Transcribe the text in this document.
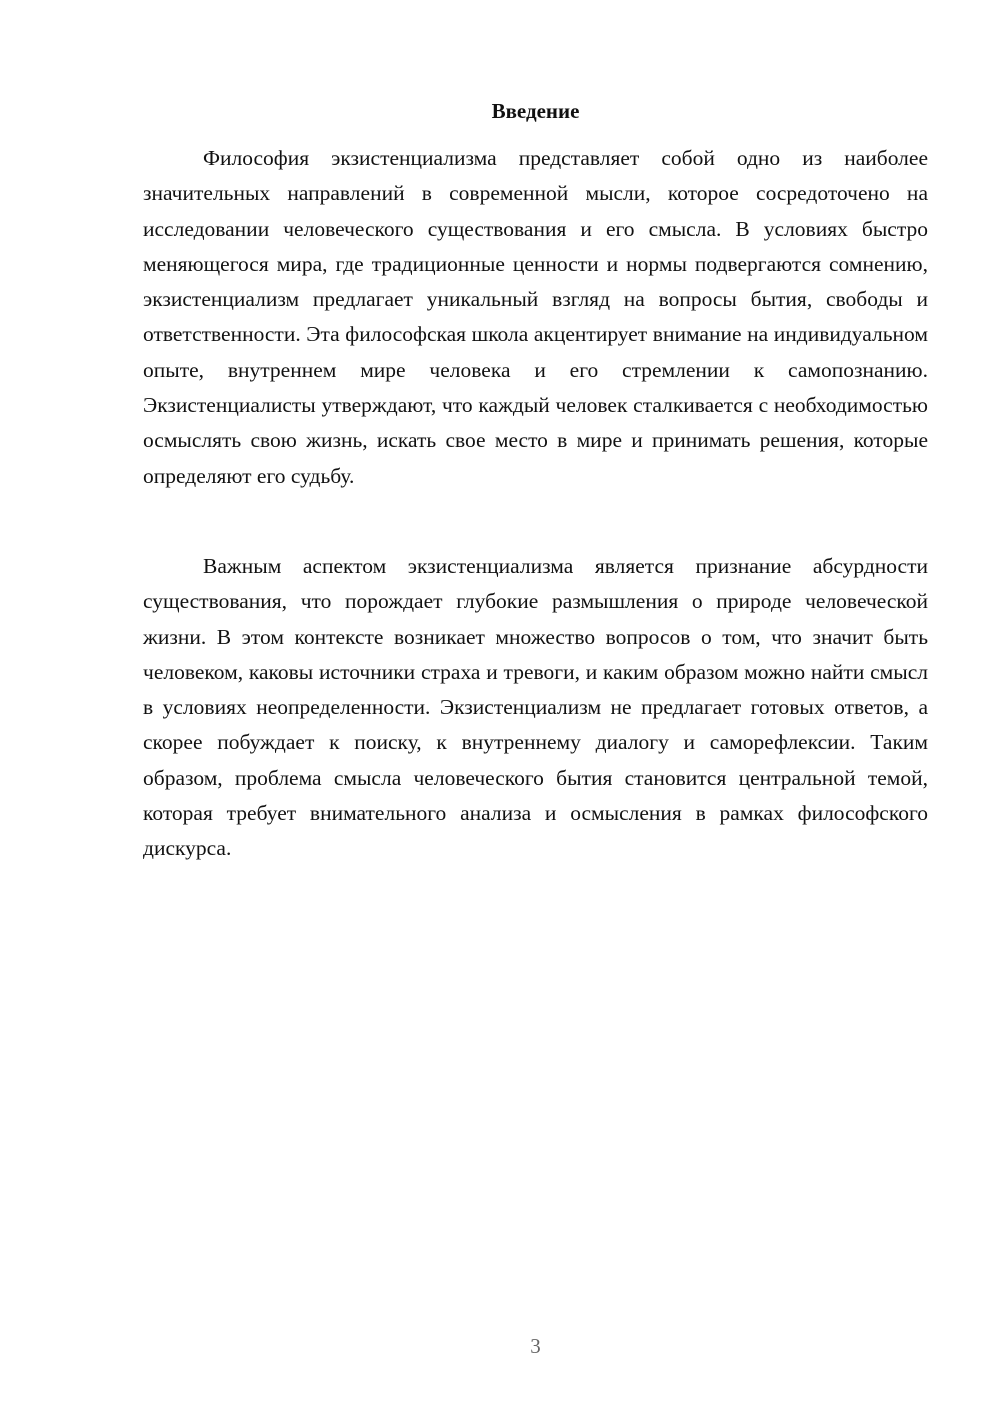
Введение

Философия экзистенциализма представляет собой одно из наиболее значительных направлений в современной мысли, которое сосредоточено на исследовании человеческого существования и его смысла. В условиях быстро меняющегося мира, где традиционные ценности и нормы подвергаются сомнению, экзистенциализм предлагает уникальный взгляд на вопросы бытия, свободы и ответственности. Эта философская школа акцентирует внимание на индивидуальном опыте, внутреннем мире человека и его стремлении к самопознанию. Экзистенциалисты утверждают, что каждый человек сталкивается с необходимостью осмыслять свою жизнь, искать свое место в мире и принимать решения, которые определяют его судьбу.

Важным аспектом экзистенциализма является признание абсурдности существования, что порождает глубокие размышления о природе человеческой жизни. В этом контексте возникает множество вопросов о том, что значит быть человеком, каковы источники страха и тревоги, и каким образом можно найти смысл в условиях неопределенности. Экзистенциализм не предлагает готовых ответов, а скорее побуждает к поиску, к внутреннему диалогу и саморефлексии. Таким образом, проблема смысла человеческого бытия становится центральной темой, которая требует внимательного анализа и осмысления в рамках философского дискурса.

3
